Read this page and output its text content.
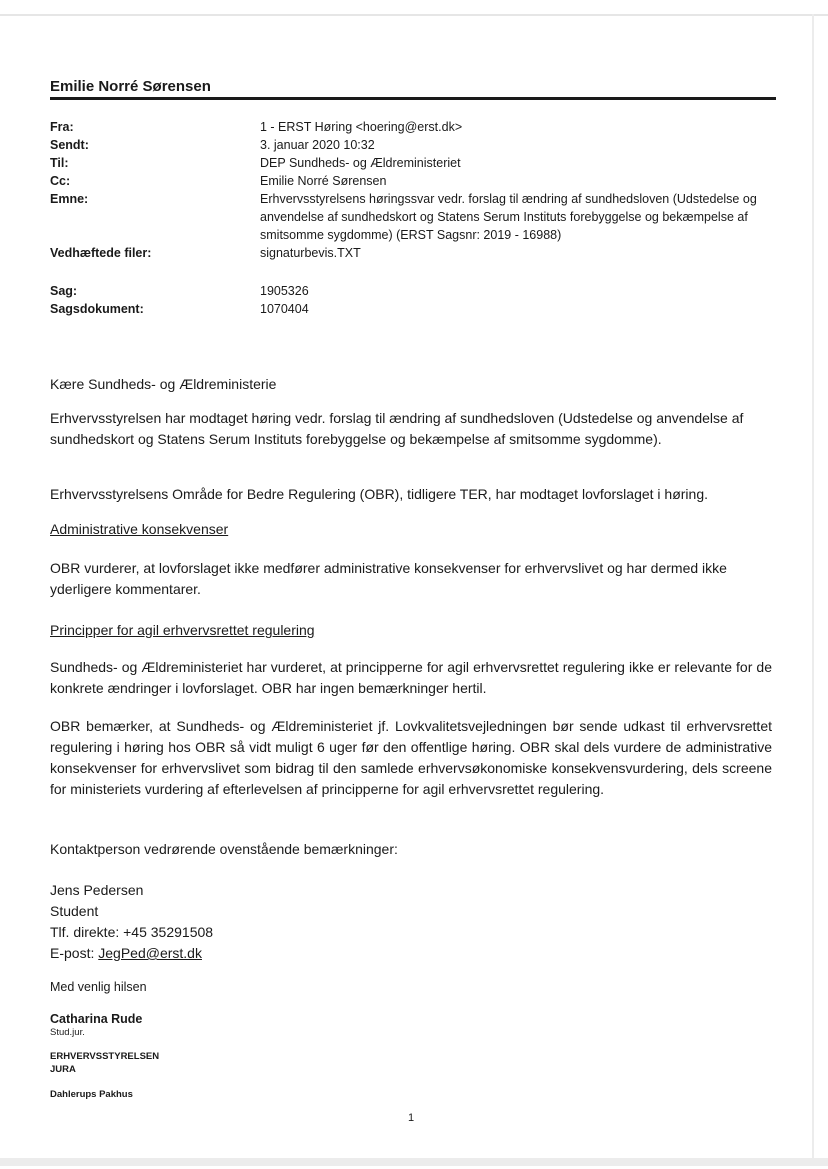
Emilie Norré Sørensen
Fra:	1 - ERST Høring <hoering@erst.dk>
Sendt:	3. januar 2020 10:32
Til:	DEP Sundheds- og Ældreministeriet
Cc:	Emilie Norré Sørensen
Emne:	Erhvervsstyrelsens høringssvar vedr. forslag til ændring af sundhedsloven (Udstedelse og anvendelse af sundhedskort og Statens Serum Instituts forebyggelse og bekæmpelse af smitsomme sygdomme) (ERST Sagsnr: 2019 - 16988)
Vedhæftede filer:	signaturbevis.TXT
Sag:	1905326
Sagsdokument:	1070404
Kære Sundheds- og Ældreministerie
Erhvervsstyrelsen har modtaget høring vedr. forslag til ændring af sundhedsloven (Udstedelse og anvendelse af sundhedskort og Statens Serum Instituts forebyggelse og bekæmpelse af smitsomme sygdomme).
Erhvervsstyrelsens Område for Bedre Regulering (OBR), tidligere TER, har modtaget lovforslaget i høring.
Administrative konsekvenser
OBR vurderer, at lovforslaget ikke medfører administrative konsekvenser for erhvervslivet og har dermed ikke yderligere kommentarer.
Principper for agil erhvervsrettet regulering
Sundheds- og Ældreministeriet har vurderet, at principperne for agil erhvervsrettet regulering ikke er relevante for de konkrete ændringer i lovforslaget. OBR har ingen bemærkninger hertil.
OBR bemærker, at Sundheds- og Ældreministeriet jf. Lovkvalitetsvejledningen bør sende udkast til erhvervsrettet regulering i høring hos OBR så vidt muligt 6 uger før den offentlige høring. OBR skal dels vurdere de administrative konsekvenser for erhvervslivet som bidrag til den samlede erhvervsøkonomiske konsekvensvurdering, dels screene for ministeriets vurdering af efterlevelsen af principperne for agil erhvervsrettet regulering.
Kontaktperson vedrørende ovenstående bemærkninger:
Jens Pedersen
Student
Tlf. direkte: +45 35291508
E-post: JegPed@erst.dk
Med venlig hilsen
Catharina Rude
Stud.jur.
ERHVERVSSTYRELSEN
JURA
Dahlerups Pakhus
1
